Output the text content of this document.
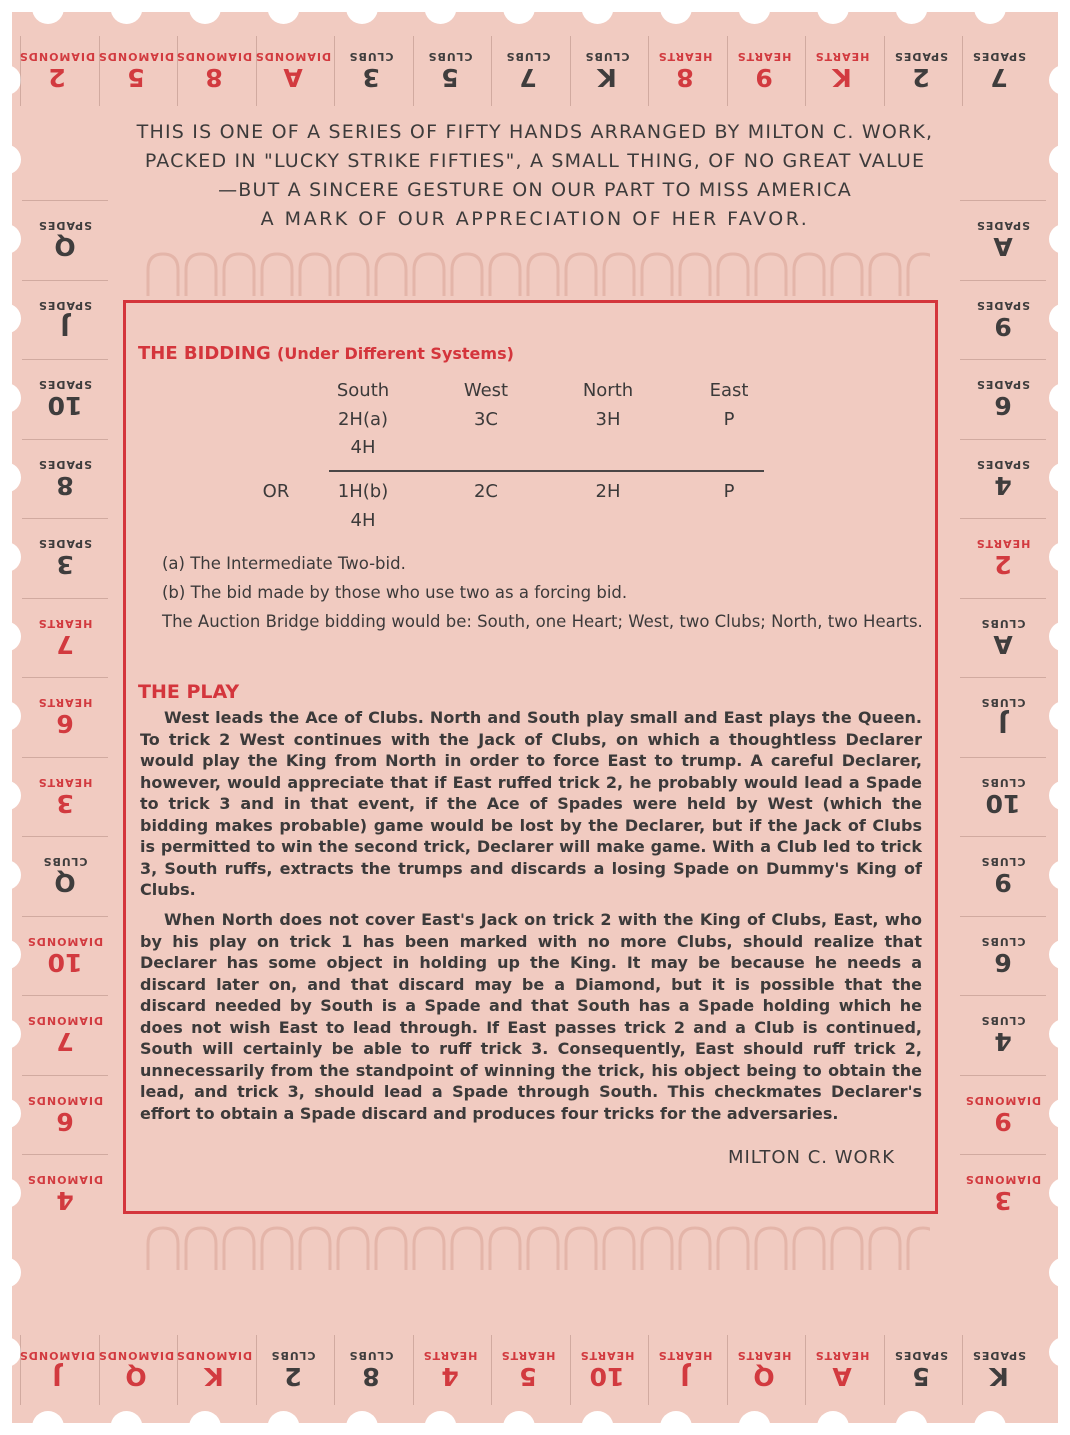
THIS IS ONE OF A SERIES OF FIFTY HANDS ARRANGED BY MILTON C. WORK,
PACKED IN "LUCKY STRIKE FIFTIES", A SMALL THING, OF NO GREAT VALUE
—BUT A SINCERE GESTURE ON OUR PART TO MISS AMERICA
A MARK OF OUR APPRECIATION OF HER FAVOR.
THE BIDDING (Under Different Systems)
South	West	North	East
2H(a)	3C	3H	P
4H
OR	1H(b)	2C	2H	P
4H
(a) The Intermediate Two-bid.
(b) The bid made by those who use two as a forcing bid.
The Auction Bridge bidding would be: South, one Heart; West, two Clubs; North, two Hearts.
THE PLAY
West leads the Ace of Clubs. North and South play small and East plays the Queen. To trick 2 West continues with the Jack of Clubs, on which a thoughtless Declarer would play the King from North in order to force East to trump. A careful Declarer, however, would appreciate that if East ruffed trick 2, he probably would lead a Spade to trick 3 and in that event, if the Ace of Spades were held by West (which the bidding makes probable) game would be lost by the Declarer, but if the Jack of Clubs is permitted to win the second trick, Declarer will make game. With a Club led to trick 3, South ruffs, extracts the trumps and discards a losing Spade on Dummy's King of Clubs.
When North does not cover East's Jack on trick 2 with the King of Clubs, East, who by his play on trick 1 has been marked with no more Clubs, should realize that Declarer has some object in holding up the King. It may be because he needs a discard later on, and that discard may be a Diamond, but it is possible that the discard needed by South is a Spade and that South has a Spade holding which he does not wish East to lead through. If East passes trick 2 and a Club is continued, South will certainly be able to ruff trick 3. Consequently, East should ruff trick 2, unnecessarily from the standpoint of winning the trick, his object being to obtain the lead, and trick 3, should lead a Spade through South. This checkmates Declarer's effort to obtain a Spade discard and produces four tricks for the adversaries.
MILTON C. WORK
2
DIAMONDS
5
DIAMONDS
8
DIAMONDS
A
DIAMONDS
3
CLUBS
5
CLUBS
7
CLUBS
K
CLUBS
8
HEARTS
9
HEARTS
K
HEARTS
2
SPADES
7
SPADES
J
DIAMONDS
Q
DIAMONDS
K
DIAMONDS
2
CLUBS
8
CLUBS
4
HEARTS
5
HEARTS
10
HEARTS
J
HEARTS
Q
HEARTS
A
HEARTS
5
SPADES
K
SPADES
Q
SPADES
J
SPADES
10
SPADES
8
SPADES
3
SPADES
7
HEARTS
6
HEARTS
3
HEARTS
Q
CLUBS
10
DIAMONDS
7
DIAMONDS
6
DIAMONDS
4
DIAMONDS
A
SPADES
9
SPADES
6
SPADES
4
SPADES
2
HEARTS
A
CLUBS
J
CLUBS
10
CLUBS
9
CLUBS
6
CLUBS
4
CLUBS
9
DIAMONDS
3
DIAMONDS
